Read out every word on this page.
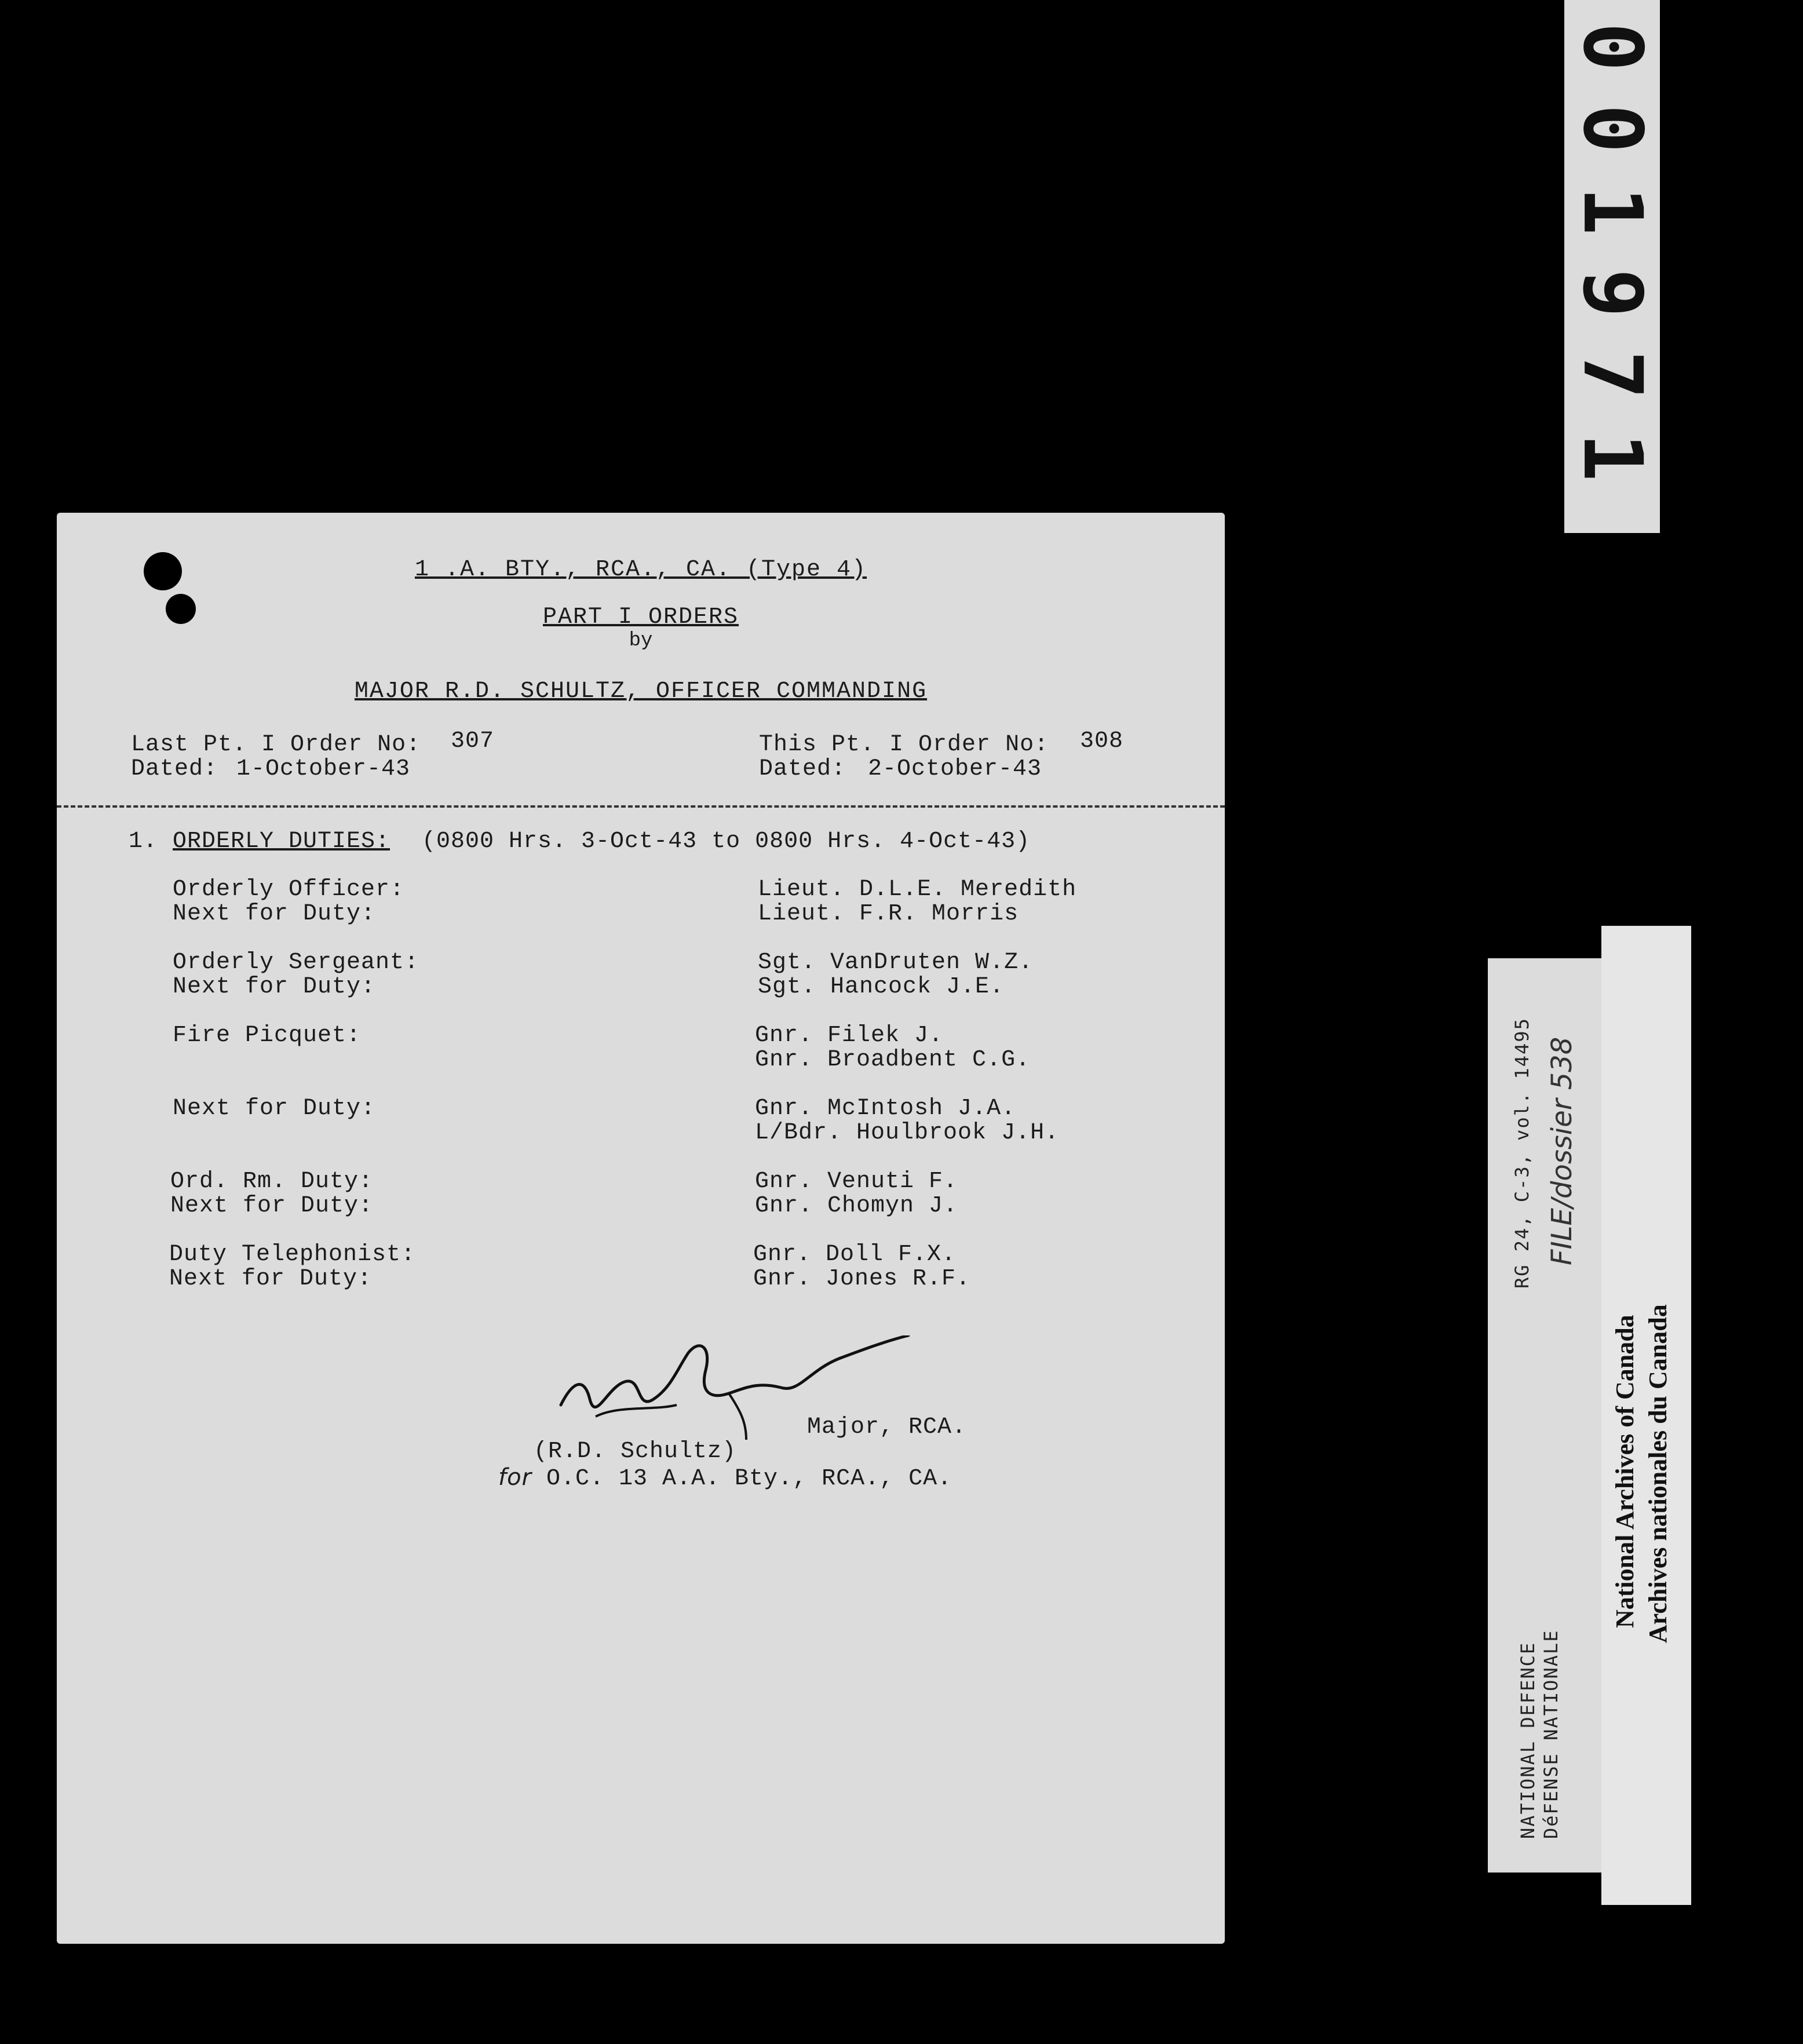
1 .A. BTY., RCA., CA. (Type 4)
PART I ORDERS
by
MAJOR R.D. SCHULTZ, OFFICER COMMANDING
Last Pt. I Order No: 307
Dated: 1-October-43
This Pt. I Order No: 308
Dated: 2-October-43
1. ORDERLY DUTIES: (0800 Hrs. 3-Oct-43 to 0800 Hrs. 4-Oct-43)
Orderly Officer:	Lieut. D.L.E. Meredith
Next for Duty:	Lieut. F.R. Morris
Orderly Sergeant:	Sgt. VanDruten W.Z.
Next for Duty:	Sgt. Hancock J.E.
Fire Picquet:	Gnr. Filek J.
Gnr. Broadbent C.G.
Next for Duty:	Gnr. McIntosh J.A.
L/Bdr. Houlbrook J.H.
Ord. Rm. Duty:	Gnr. Venuti F.
Next for Duty:	Gnr. Chomyn J.
Duty Telephonist:	Gnr. Doll F.X.
Next for Duty:	Gnr. Jones R.F.
Major, RCA.
(R.D. Schultz)
for O.C. 13 A.A. Bty., RCA., CA.
0
0
1
9
7
1
RG 24, C-3, vol. 14495 FILE/dossier 538
NATIONAL DEFENCE DéFENSE NATIONALE
National Archives of Canada Archives nationales du Canada
